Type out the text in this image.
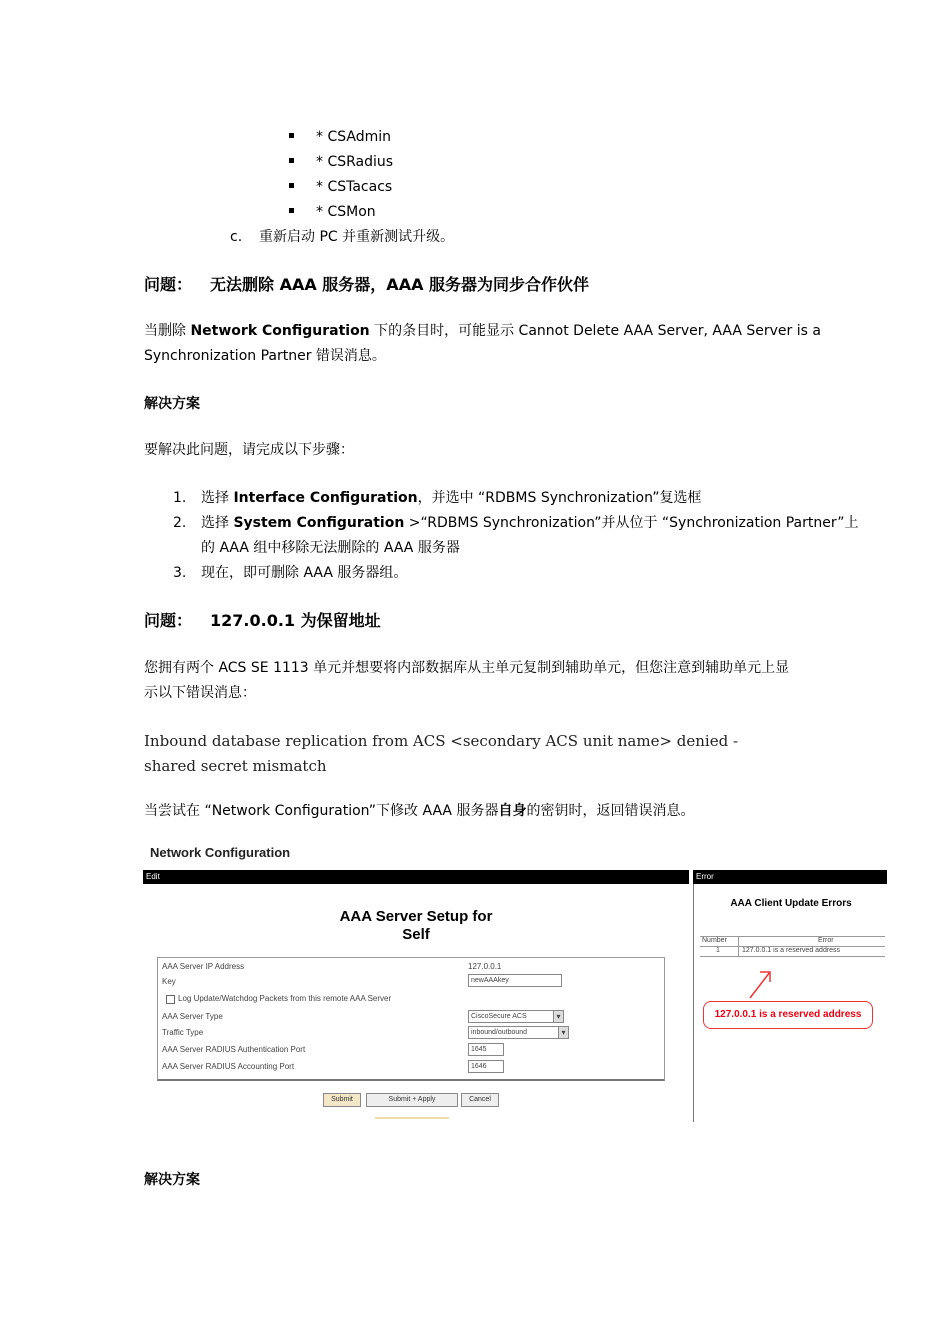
* CSAdmin
* CSRadius
* CSTacacs
* CSMon
c. 重新启动 PC 并重新测试升级。
问题： 无法删除 AAA 服务器，AAA 服务器为同步合作伙伴
当删除 Network Configuration 下的条目时，可能显示 Cannot Delete AAA Server, AAA Server is a
Synchronization Partner 错误消息。
解决方案
要解决此问题，请完成以下步骤：
1. 选择 Interface Configuration，并选中 “RDBMS Synchronization”复选框
2. 选择 System Configuration >“RDBMS Synchronization”并从位于 “Synchronization Partner”上
的 AAA 组中移除无法删除的 AAA 服务器
3. 现在，即可删除 AAA 服务器组。
问题： 127.0.0.1 为保留地址
您拥有两个 ACS SE 1113 单元并想要将内部数据库从主单元复制到辅助单元，但您注意到辅助单元上显
示以下错误消息：
Inbound database replication from ACS <secondary ACS unit name> denied -
shared secret mismatch
当尝试在 “Network Configuration”下修改 AAA 服务器自身的密钥时，返回错误消息。
Network Configuration
Edit	Error
AAA Server Setup for
Self
AAA Server IP Address	127.0.0.1
Key	newAAAkey
Log Update/Watchdog Packets from this remote AAA Server
AAA Server Type	CiscoSecure ACS ▾
Traffic Type	inbound/outbound ▾
AAA Server RADIUS Authentication Port	1645
AAA Server RADIUS Accounting Port	1646
Submit	Submit + Apply	Cancel
AAA Client Update Errors
Number	Error
1	127.0.0.1 is a reserved address
127.0.0.1 is a reserved address
解决方案
